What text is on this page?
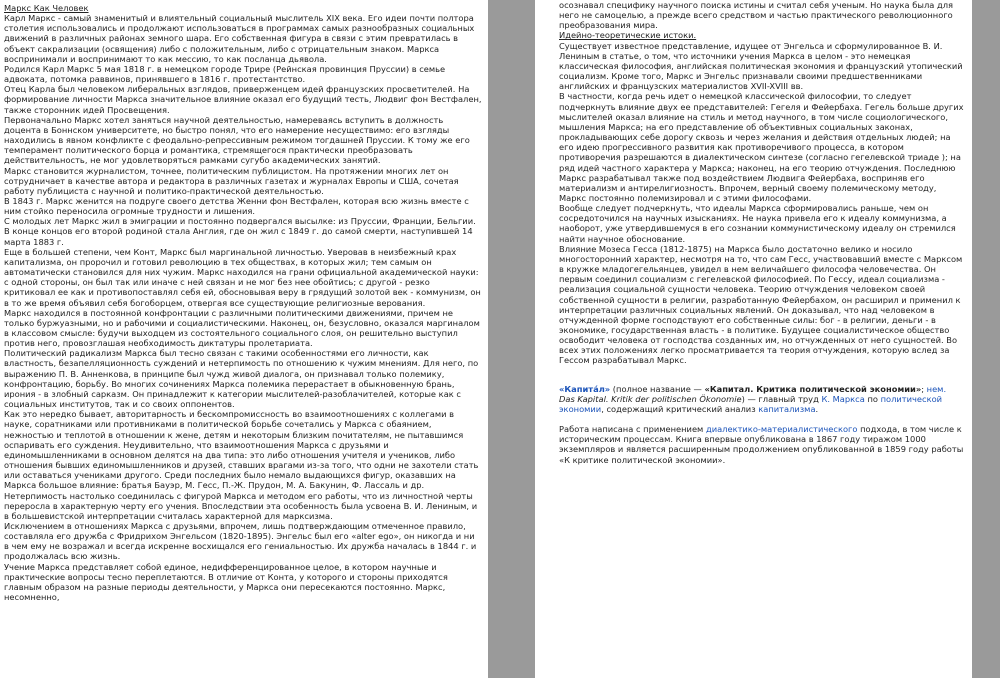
Маркс Как Человек

Карл Маркс - самый знаменитый и влиятельный социальный мыслитель XIX века. Его идеи почти полтора столетия использовались и продолжают использоваться в программах самых разнообразных социальных движений в различных районах земного шара. Его собственная фигура в связи с этим превратилась в объект сакрализации (освящения) либо с положительным, либо с отрицательным знаком. Маркса воспринимали и воспринимают то как мессию, то как посланца дьявола.

Родился Карл Маркс 5 мая 1818 г. в немецком городе Трире (Рейнская провинция Пруссии) в семье адвоката, потомка раввинов, принявшего в 1816 г. протестантство.

Отец Карла был человеком либеральных взглядов, приверженцем идей французских просветителей. На формирование личности Маркса значительное влияние оказал его будущий тесть, Людвиг фон Вестфален, также сторонник идей Просвещения.

Первоначально Маркс хотел заняться научной деятельностью, намереваясь вступить в должность доцента в Боннском университете, но быстро понял, что его намерение несуществимо: его взгляды находились в явном конфликте с феодально-репрессивным режимом тогдашней Пруссии. К тому же его темперамент политического борца и романтика, стремящегося практически преобразовать действительность, не мог удовлетворяться рамками сугубо академических занятий.

Маркс становится журналистом, точнее, политическим публицистом. На протяжении многих лет он сотрудничает в качестве автора и редактора в различных газетах и журналах Европы и США, сочетая работу публициста с научной и политико-практической деятельностью.

В 1843 г. Маркс женится на подруге своего детства Женни фон Вестфален, которая всю жизнь вместе с ним стойко переносила огромные трудности и лишения.

С молодых лет Маркс жил в эмиграции и постоянно подвергался высылке: из Пруссии, Франции, Бельгии. В конце концов его второй родиной стала Англия, где он жил с 1849 г. до самой смерти, наступившей 14 марта 1883 г.

Еще в большей степени, чем Конт, Маркс был маргинальной личностью. Уверовав в неизбежный крах капитализма, он пророчил и готовил революцию в тех обществах, в которых жил; тем самым он автоматически становился для них чужим. Маркс находился на грани официальной академической науки: с одной стороны, он был так или иначе с ней связан и не мог без нее обойтись; с другой - резко критиковал ее как и противопоставлял себя ей, обосновывая веру в грядущий золотой век - коммунизм, он в то же время объявил себя богоборцем, отвергая все существующие религиозные верования.

Маркс находился в постоянной конфронтации с различными политическими движениями, причем не только буржуазными, но и рабочими и социалистическими. Наконец, он, безусловно, оказался маргиналом в классовом смысле: будучи выходцем из состоятельного социального слоя, он решительно выступил против него, провозглашая необходимость диктатуры пролетариата.

Политический радикализм Маркса был тесно связан с такими особенностями его личности, как властность, безапелляционность суждений и нетерпимость по отношению к чужим мнениям. Для него, по выражению П. В. Анненкова, в принципе был чужд живой диалога, он признавал только полемику, конфронтацию, борьбу. Во многих сочинениях Маркса полемика перерастает в обыкновенную брань, ирония - в злобный сарказм. Он принадлежит к категории мыслителей-разоблачителей, которые как с социальных институтов, так и со своих оппонентов.

Как это нередко бывает, авторитарность и бескомпромиссность во взаимоотношениях с коллегами в науке, соратниками или противниками в политической борьбе сочетались у Маркса с обаянием, нежностью и теплотой в отношении к жене, детям и некоторым близким почитателям, не пытавшимся оспаривать его суждения. Неудивительно, что взаимоотношения Маркса с друзьями и единомышленниками в основном делятся на два типа: это либо отношения учителя и учеников, либо отношения бывших единомышленников и друзей, ставших врагами из-за того, что одни не захотели стать или оставаться учениками другого. Среди последних было немало выдающихся фигур, оказавших на Маркса большое влияние: братья Бауэр, М. Гесс, П.-Ж. Прудон, М. А. Бакунин, Ф. Лассаль и др.

Нетерпимость настолько соединилась с фигурой Маркса и методом его работы, что из личностной черты переросла в характерную черту его учения. Впоследствии эта особенность была усвоена В. И. Лениным, и в большевистской интерпретации считалась характерной для марксизма.

Исключением в отношениях Маркса с друзьями, впрочем, лишь подтверждающим отмеченное правило, составляла его дружба с Фридрихом Энгельсом (1820-1895). Энгельс был его «alter ego», он никогда и ни в чем ему не возражал и всегда искренне восхищался его гениальностью. Их дружба началась в 1844 г. и продолжалась всю жизнь.

Учение Маркса представляет собой единое, недифференцированное целое, в котором научные и практические вопросы тесно переплетаются. В отличие от Конта, у которого и стороны приходятся главным образом на разные периоды деятельности, у Маркса они пересекаются постоянно. Маркс, несомненно,

осознавал специфику научного поиска истины и считал себя ученым. Но наука была для него не самоцелью, а прежде всего средством и частью практического революционного преобразования мира.

Идейно-теоретические истоки.

Существует известное представление, идущее от Энгельса и сформулированное В. И. Лениным в статье, о том, что источники учения Маркса в целом - это немецкая классическая философия, английская политическая экономия и французский утопический социализм. Кроме того, Маркс и Энгельс признавали своими предшественниками английских и французских материалистов XVII-XVIII вв.

В частности, когда речь идет о немецкой классической философии, то следует подчеркнуть влияние двух ее представителей: Гегеля и Фейербаха. Гегель больше других мыслителей оказал влияние на стиль и метод научного, в том числе социологического, мышления Маркса; на его представление об объективных социальных законах, прокладывающих себе дорогу сквозь и через желания и действия отдельных людей; на его идею прогрессивного развития как противоречивого процесса, в котором противоречия разрешаются в диалектическом синтезе (согласно гегелевской триаде ); на ряд идей частного характера у Маркса; наконец, на его теорию отчуждения. Последнюю Маркс разрабатывал также под воздействием Людвига Фейербаха, восприняв его материализм и антирелигиозность. Впрочем, верный своему полемическому методу, Маркс постоянно полемизировал и с этими философами.

Вообще следует подчеркнуть, что идеалы Маркса сформировались раньше, чем он сосредоточился на научных изысканиях. Не наука привела его к идеалу коммунизма, а наоборот, уже утвердившемуся в его сознании коммунистическому идеалу он стремился найти научное обоснование.

Влияние Мозеса Гесса (1812-1875) на Маркса было достаточно велико и носило многосторонний характер, несмотря на то, что сам Гесс, участвовавший вместе с Марксом в кружке младогегельянцев, увидел в нем величайшего философа человечества. Он первым соединил социализм с гегелевской философией. По Гессу, идеал социализма - реализация социальной сущности человека. Теорию отчуждения человеком своей собственной сущности в религии, разработанную Фейербахом, он расширил и применил к интерпретации различных социальных явлений. Он доказывал, что над человеком в отчужденной форме господствуют его собственные силы: бог - в религии, деньги - в экономике, государственная власть - в политике. Будущее социалистическое общество освободит человека от господства созданных им, но отчужденных от него сущностей. Во всех этих положениях легко просматривается та теория отчуждения, которую вслед за Гессом разрабатывал Маркс.

«Капита́л» (полное название — «Капитал. Критика политической экономии»; нем. Das Kapital. Kritik der politischen Ökonomie) — главный труд К. Маркса по политической экономии, содержащий критический анализ капитализма.

Работа написана с применением диалектико-материалистического подхода, в том числе к историческим процессам. Книга впервые опубликована в 1867 году тиражом 1000 экземпляров и является расширенным продолжением опубликованной в 1859 году работы «К критике политической экономии».
